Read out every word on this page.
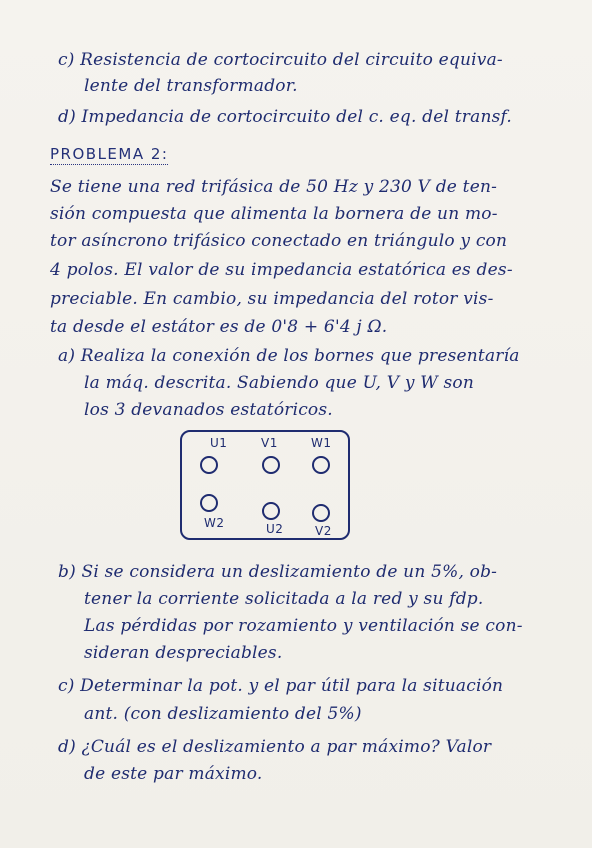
c) Resistencia de cortocircuito del circuito equiva-
lente del transformador.
d) Impedancia de cortocircuito del c. eq. del transf.
PROBLEMA 2:
Se tiene una red trifásica de 50 Hz y 230 V de ten-
sión compuesta que alimenta la bornera de un mo-
tor asíncrono trifásico conectado en triángulo y con
4 polos. El valor de su impedancia estatórica es des-
preciable. En cambio, su impedancia del rotor vis-
ta desde el estátor es de 0'8 + 6'4 j Ω.
a) Realiza la conexión de los bornes que presentaría
la máq. descrita. Sabiendo que U, V y W son
los 3 devanados estatóricos.
U1	V1	W1
W2	U2	V2
b) Si se considera un deslizamiento de un 5%, ob-
tener la corriente solicitada a la red y su fdp.
Las pérdidas por rozamiento y ventilación se con-
sideran despreciables.
c) Determinar la pot. y el par útil para la situación
ant. (con deslizamiento del 5%)
d) ¿Cuál es el deslizamiento a par máximo? Valor
de este par máximo.
